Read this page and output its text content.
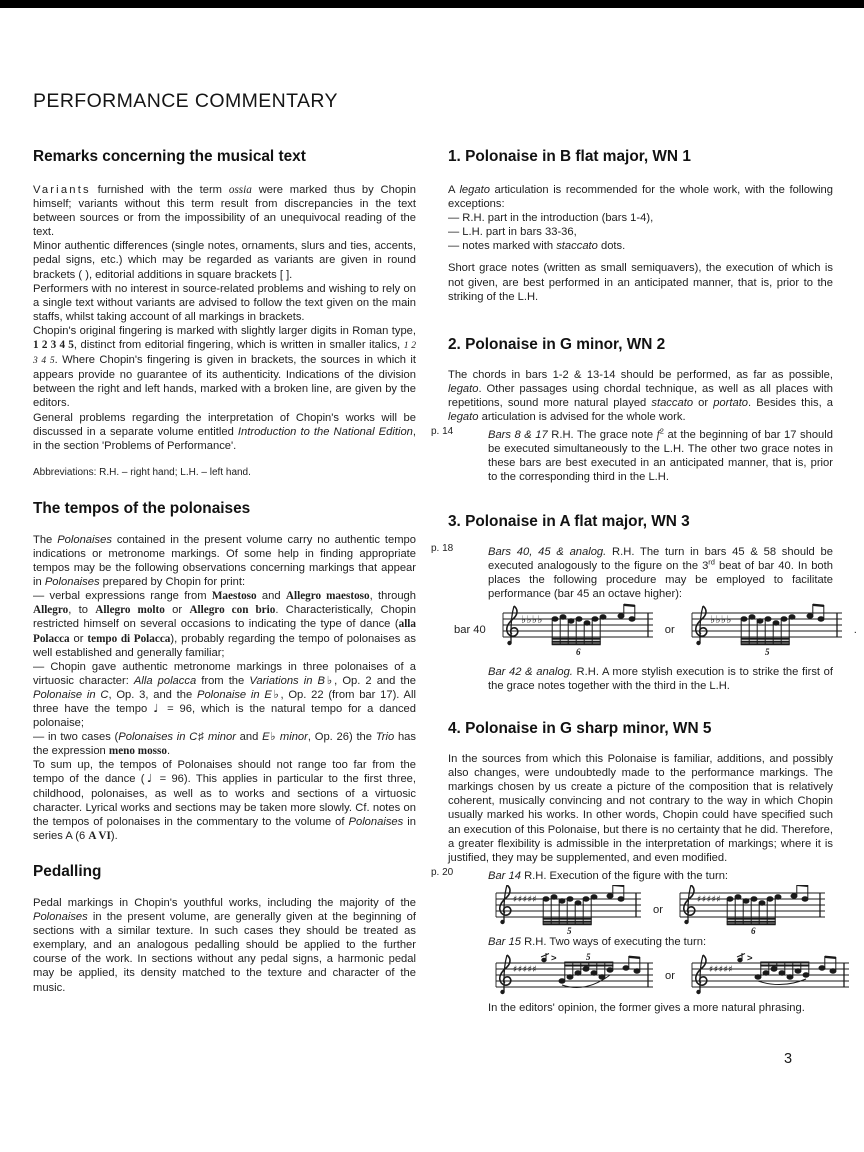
PERFORMANCE COMMENTARY
Remarks concerning the musical text

Variants furnished with the term ossia were marked thus by Chopin himself; variants without this term result from discrepancies in the text between sources or from the impossibility of an unequivocal reading of the text.

Minor authentic differences (single notes, ornaments, slurs and ties, accents, pedal signs, etc.) which may be regarded as variants are given in round brackets ( ), editorial additions in square brackets [ ].

Performers with no interest in source-related problems and wishing to rely on a single text without variants are advised to follow the text given on the main staffs, whilst taking account of all markings in brackets.

Chopin's original fingering is marked with slightly larger digits in Roman type, 1 2 3 4 5, distinct from editorial fingering, which is written in smaller italics, 1 2 3 4 5. Where Chopin's fingering is given in brackets, the sources in which it appears provide no guarantee of its authenticity. Indications of the division between the right and left hands, marked with a broken line, are given by the editors.

General problems regarding the interpretation of Chopin's works will be discussed in a separate volume entitled Introduction to the National Edition, in the section 'Problems of Performance'.

Abbreviations: R.H. – right hand; L.H. – left hand.

The tempos of the polonaises

The Polonaises contained in the present volume carry no authentic tempo indications or metronome markings. Of some help in finding appropriate tempos may be the following observations concerning markings that appear in Polonaises prepared by Chopin for print:

— verbal expressions range from Maestoso and Allegro maestoso, through Allegro, to Allegro molto or Allegro con brio. Characteristically, Chopin restricted himself on several occasions to indicating the type of dance (alla Polacca or tempo di Polacca), probably regarding the tempo of polonaises as well established and generally familiar;

— Chopin gave authentic metronome markings in three polonaises of a virtuosic character: Alla polacca from the Variations in B♭, Op. 2 and the Polonaise in C, Op. 3, and the Polonaise in E♭, Op. 22 (from bar 17). All three have the tempo ♩ = 96, which is the natural tempo for a danced polonaise;

— in two cases (Polonaises in C♯ minor and E♭ minor, Op. 26) the Trio has the expression meno mosso.

To sum up, the tempos of Polonaises should not range too far from the tempo of the dance (♩ = 96). This applies in particular to the first three, childhood, polonaises, as well as to works and sections of a virtuosic character. Lyrical works and sections may be taken more slowly. Cf. notes on the tempos of polonaises in the commentary to the volume of Polonaises in series A (6 A VI).

Pedalling

Pedal markings in Chopin's youthful works, including the majority of the Polonaises in the present volume, are generally given at the beginning of sections with a similar texture. In such cases they should be treated as exemplary, and an analogous pedalling should be applied to the further course of the work. In sections without any pedal signs, a harmonic pedal may be applied, its density matched to the texture and character of the music.

1. Polonaise in B flat major, WN 1

A legato articulation is recommended for the whole work, with the following exceptions:

— R.H. part in the introduction (bars 1-4),

— L.H. part in bars 33-36,

— notes marked with staccato dots.

Short grace notes (written as small semiquavers), the execution of which is not given, are best performed in an anticipated manner, that is, prior to the striking of the L.H.

2. Polonaise in G minor, WN 2

The chords in bars 1-2 & 13-14 should be performed, as far as possible, legato. Other passages using chordal technique, as well as all places with repetitions, sound more natural played staccato or portato. Besides this, a legato articulation is advised for the whole work.

p. 14	Bars 8 & 17 R.H. The grace note $f^2$ at the beginning of bar 17 should be executed simultaneously to the L.H. The other two grace notes in these bars are best executed in an anticipated manner, that is, prior to the corresponding third in the L.H.

3. Polonaise in A flat major, WN 3
p. 18	Bars 40, 45 & analog. R.H. The turn in bars 45 & 58 should be executed analogously to the figure on the 3rd beat of bar 40. In both places the following procedure may be employed to facilitate performance (bar 45 an octave higher):

bar 40
♭♭♭♭
6
or
♭♭♭♭
5
.

Bar 42 & analog. R.H. A more stylish execution is to strike the first of the grace notes together with the third in the L.H.

4. Polonaise in G sharp minor, WN 5

In the sources from which this Polonaise is familiar, additions, and possibly also changes, were undoubtedly made to the performance markings. The markings chosen by us create a picture of the composition that is relatively coherent, musically convincing and not contrary to the way in which Chopin usually marked his works. In other words, Chopin could have specified such an execution of this Polonaise, but there is no certainty that he did. Therefore, a greater flexibility is admissible in the interpretation of markings; where it is justified, they may be supplemented, and even modified.

p. 20	Bar 14 R.H. Execution of the figure with the turn:

♯♯♯♯♯
5
or
♯♯♯♯♯
6

Bar 15 R.H. Two ways of executing the turn:

♯♯♯♯♯
>	5
or	♯♯♯♯♯
>

In the editors' opinion, the former gives a more natural phrasing.

3
